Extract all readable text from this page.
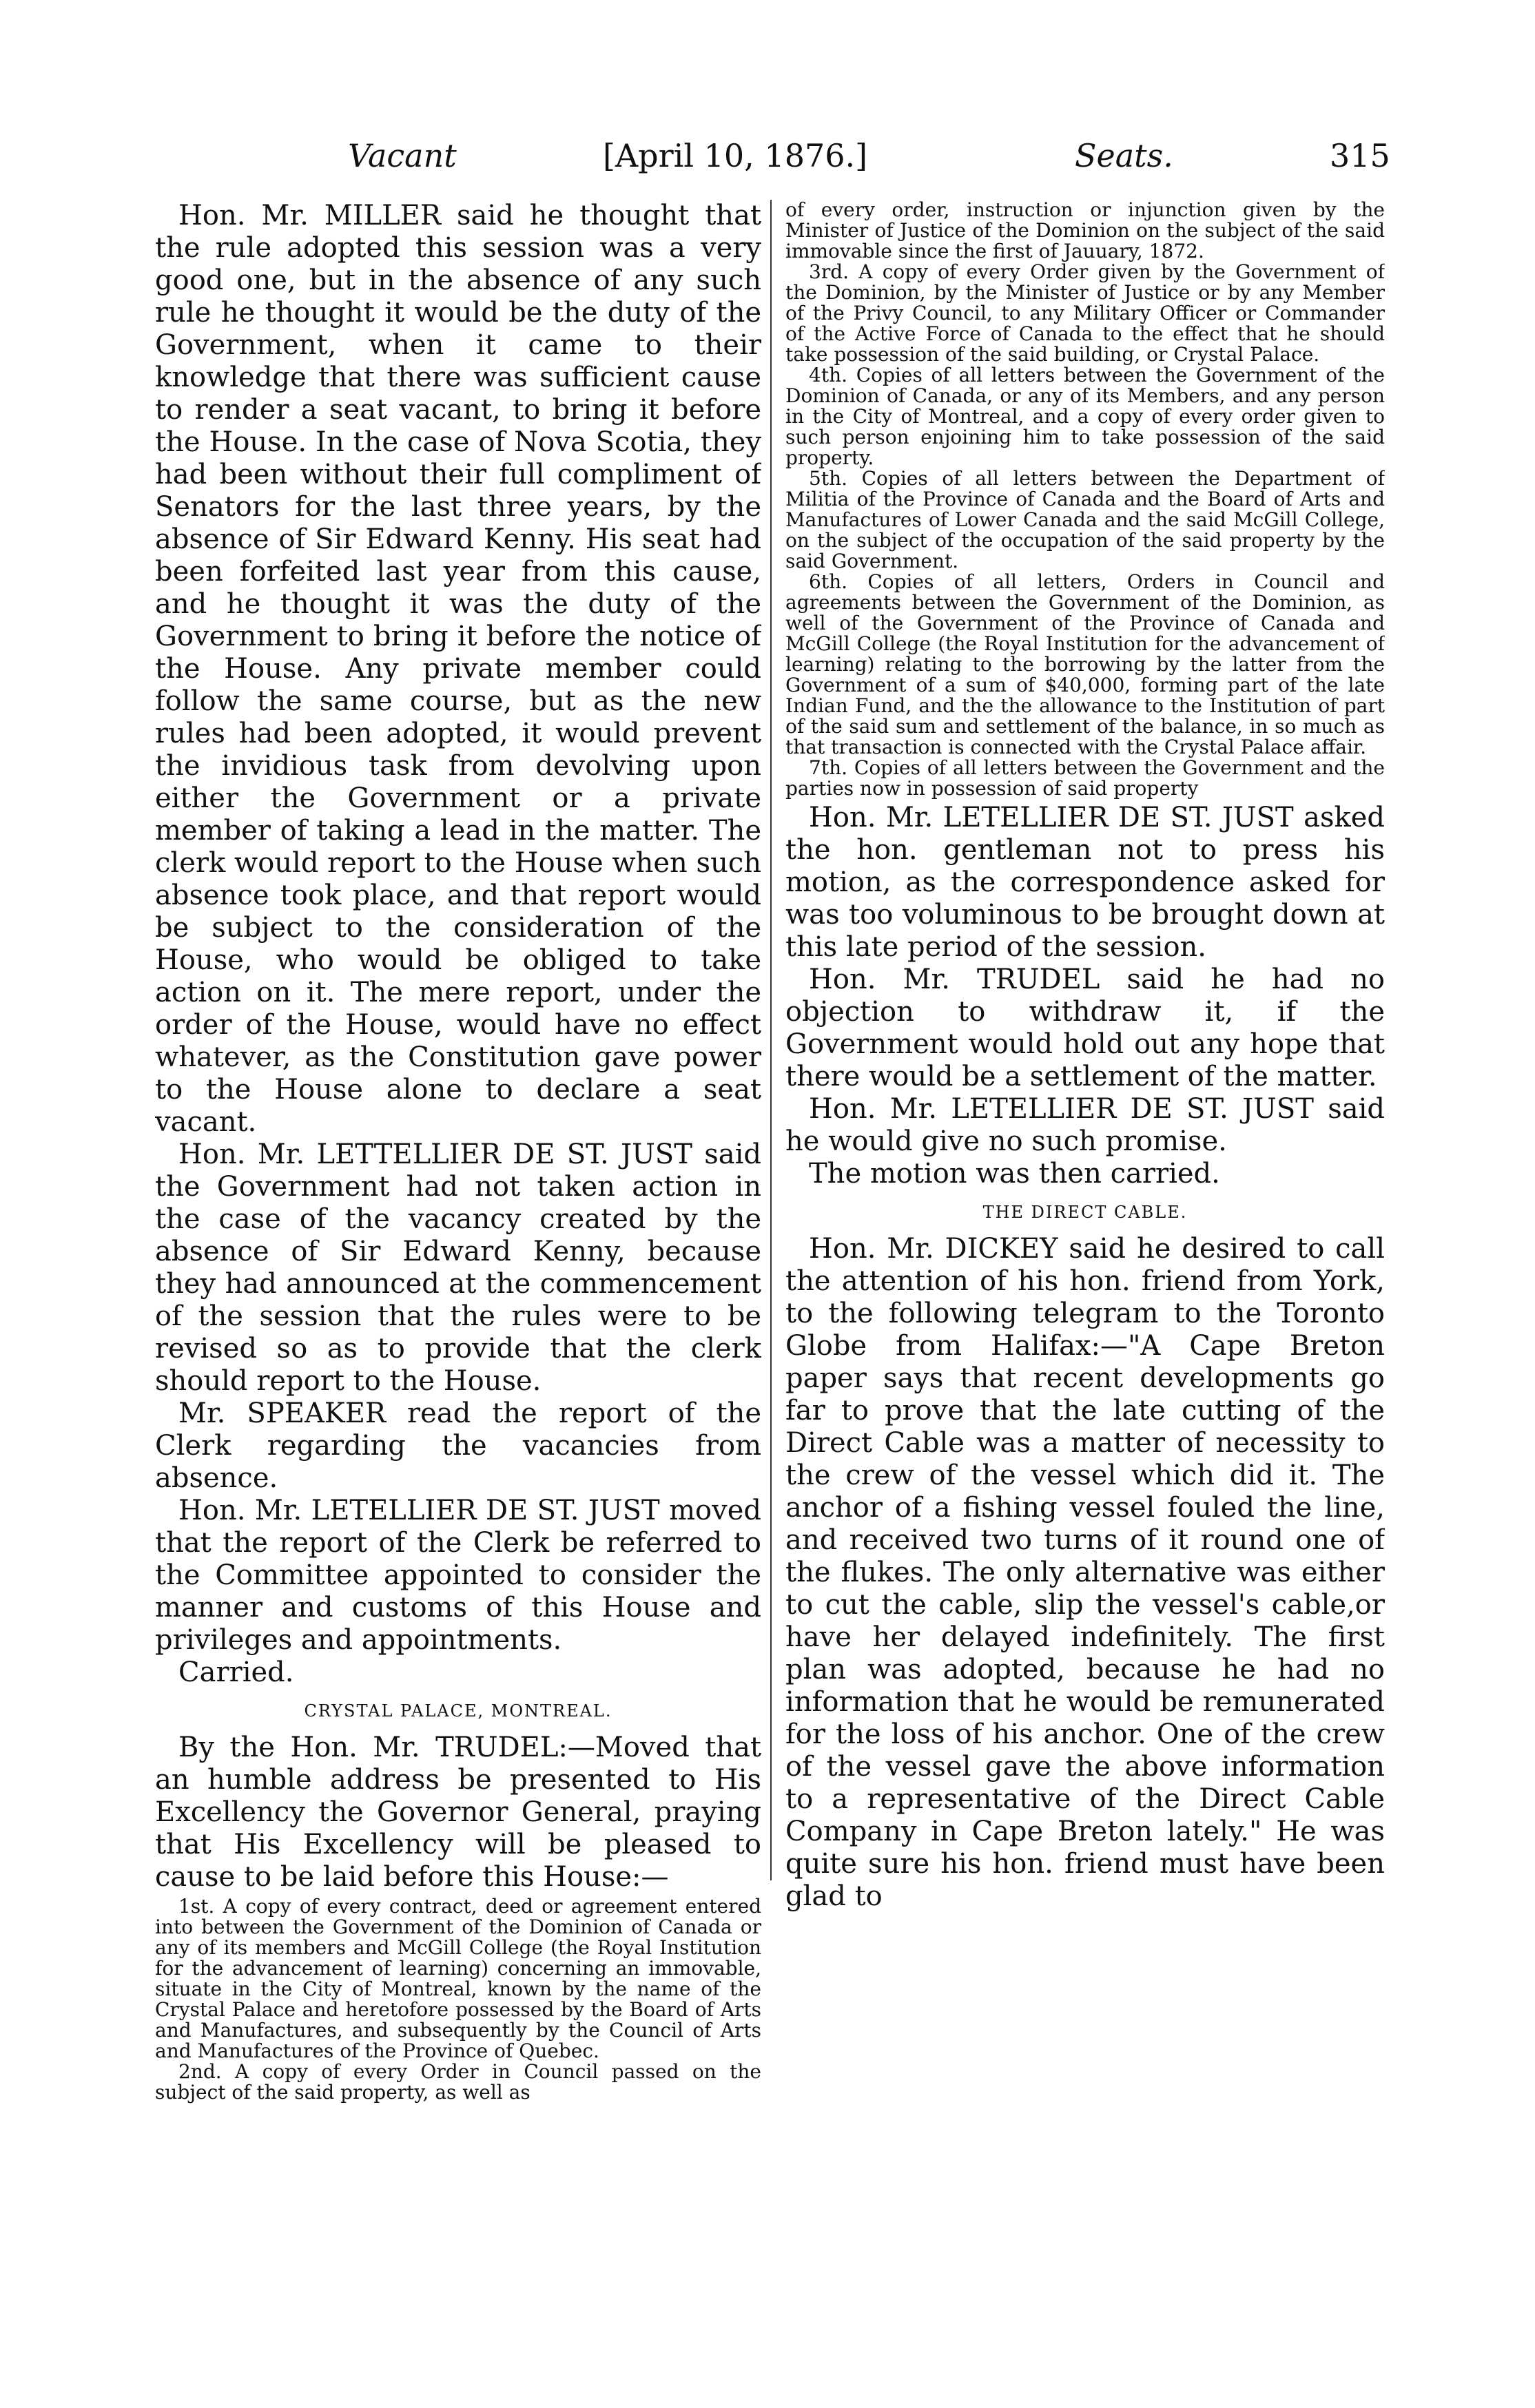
Vacant	[April 10, 1876.]	Seats.	315

Hon. Mr. MILLER said he thought that the rule adopted this session was a very good one, but in the absence of any such rule he thought it would be the duty of the Government, when it came to their knowledge that there was sufficient cause to render a seat vacant, to bring it before the House. In the case of Nova Scotia, they had been without their full compliment of Senators for the last three years, by the absence of Sir Edward Kenny. His seat had been forfeited last year from this cause, and he thought it was the duty of the Government to bring it before the notice of the House. Any private member could follow the same course, but as the new rules had been adopted, it would prevent the invidious task from devolving upon either the Government or a private member of taking a lead in the matter. The clerk would report to the House when such absence took place, and that report would be subject to the consideration of the House, who would be obliged to take action on it. The mere report, under the order of the House, would have no effect whatever, as the Constitution gave power to the House alone to declare a seat vacant.

Hon. Mr. LETTELLIER DE ST. JUST said the Government had not taken action in the case of the vacancy created by the absence of Sir Edward Kenny, because they had announced at the commencement of the session that the rules were to be revised so as to provide that the clerk should report to the House.

Mr. SPEAKER read the report of the Clerk regarding the vacancies from absence.

Hon. Mr. LETELLIER DE ST. JUST moved that the report of the Clerk be referred to the Committee appointed to consider the manner and customs of this House and privileges and appointments.

Carried.

CRYSTAL PALACE, MONTREAL.

By the Hon. Mr. TRUDEL:—Moved that an humble address be presented to His Excellency the Governor General, praying that His Excellency will be pleased to cause to be laid before this House:—

1st. A copy of every contract, deed or agreement entered into between the Government of the Dominion of Canada or any of its members and McGill College (the Royal Institution for the advancement of learning) concerning an immovable, situate in the City of Montreal, known by the name of the Crystal Palace and heretofore possessed by the Board of Arts and Manufactures, and subsequently by the Council of Arts and Manufactures of the Province of Quebec.

2nd. A copy of every Order in Council passed on the subject of the said property, as well as

of every order, instruction or injunction given by the Minister of Justice of the Dominion on the subject of the said immovable since the first of Jauuary, 1872.

3rd. A copy of every Order given by the Government of the Dominion, by the Minister of Justice or by any Member of the Privy Council, to any Military Officer or Commander of the Active Force of Canada to the effect that he should take possession of the said building, or Crystal Palace.

4th. Copies of all letters between the Government of the Dominion of Canada, or any of its Members, and any person in the City of Montreal, and a copy of every order given to such person enjoining him to take possession of the said property.

5th. Copies of all letters between the Department of Militia of the Province of Canada and the Board of Arts and Manufactures of Lower Canada and the said McGill College, on the subject of the occupation of the said property by the said Government.

6th. Copies of all letters, Orders in Council and agreements between the Government of the Dominion, as well of the Government of the Province of Canada and McGill College (the Royal Institution for the advancement of learning) relating to the borrowing by the latter from the Government of a sum of $40,000, forming part of the late Indian Fund, and the the allowance to the Institution of part of the said sum and settlement of the balance, in so much as that transaction is connected with the Crystal Palace affair.

7th. Copies of all letters between the Government and the parties now in possession of said property

Hon. Mr. LETELLIER DE ST. JUST asked the hon. gentleman not to press his motion, as the correspondence asked for was too voluminous to be brought down at this late period of the session.

Hon. Mr. TRUDEL said he had no objection to withdraw it, if the Government would hold out any hope that there would be a settlement of the matter.

Hon. Mr. LETELLIER DE ST. JUST said he would give no such promise.

The motion was then carried.

THE DIRECT CABLE.

Hon. Mr. DICKEY said he desired to call the attention of his hon. friend from York, to the following telegram to the Toronto Globe from Halifax:—"A Cape Breton paper says that recent developments go far to prove that the late cutting of the Direct Cable was a matter of necessity to the crew of the vessel which did it. The anchor of a fishing vessel fouled the line, and received two turns of it round one of the flukes. The only alternative was either to cut the cable, slip the vessel's cable,or have her delayed indefinitely. The first plan was adopted, because he had no information that he would be remunerated for the loss of his anchor. One of the crew of the vessel gave the above information to a representative of the Direct Cable Company in Cape Breton lately." He was quite sure his hon. friend must have been glad to
